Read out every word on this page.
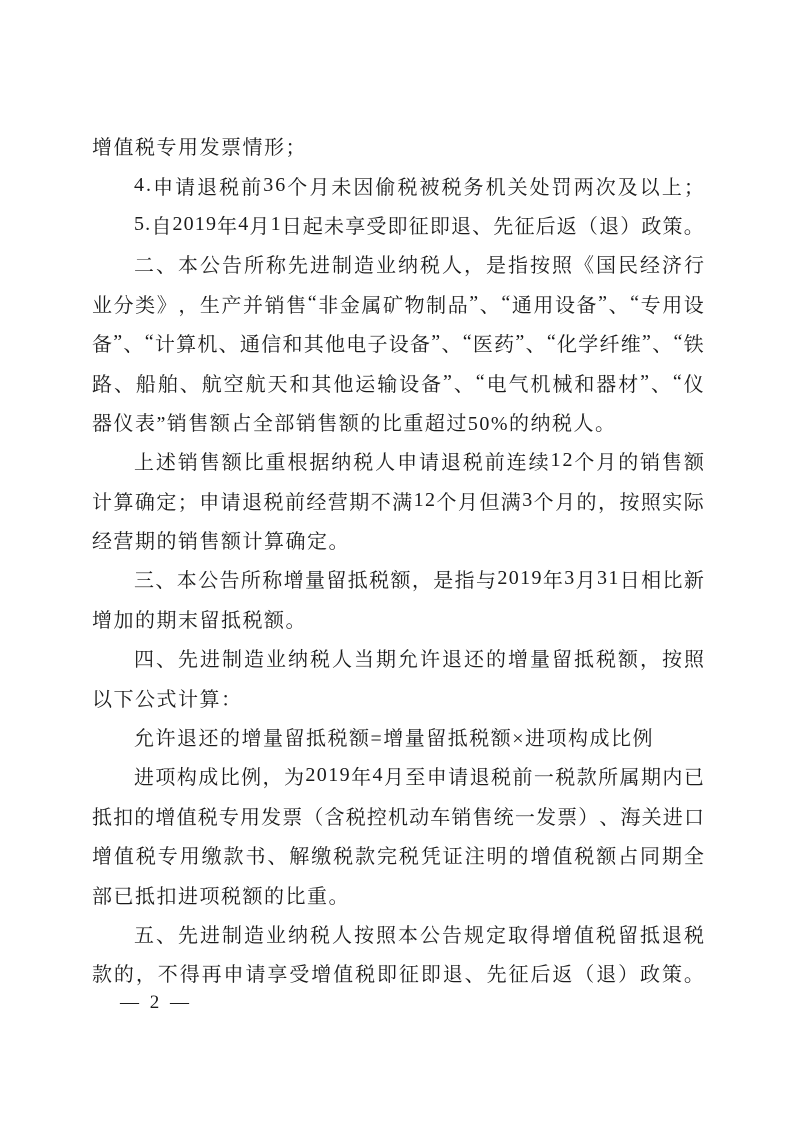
增值税专用发票情形；
4 . 申 请 退 税 前 3 6 个 月 未 因 偷 税 被 税 务 机 关 处 罚 两 次 及 以 上 ；
5 . 自 2 0 1 9 年 4 月 1 日 起 未 享 受 即 征 即 退 、 先 征 后 返 （ 退 ） 政 策 。
二 、 本 公 告 所 称 先 进 制 造 业 纳 税 人 ， 是 指 按 照 《 国 民 经 济 行
业 分 类 》 ， 生 产 并 销 售 “ 非 金 属 矿 物 制 品 ” 、 “ 通 用 设 备 ” 、 “ 专 用 设
备 ” 、 “ 计 算 机 、 通 信 和 其 他 电 子 设 备 ” 、 “ 医 药 ” 、 “ 化 学 纤 维 ” 、 “ 铁
路 、 船 舶 、 航 空 航 天 和 其 他 运 输 设 备 ” 、 “ 电 气 机 械 和 器 材 ” 、 “ 仪
器仪表”销售额占全部销售额的比重超过50%的纳税人。
上 述 销 售 额 比 重 根 据 纳 税 人 申 请 退 税 前 连 续 1 2 个 月 的 销 售 额
计 算 确 定 ； 申 请 退 税 前 经 营 期 不 满 1 2 个 月 但 满 3 个 月 的 ， 按 照 实 际
经营期的销售额计算确定。
三 、 本 公 告 所 称 增 量 留 抵 税 额 ， 是 指 与 2 0 1 9 年 3 月 3 1 日 相 比 新
增加的期末留抵税额。
四 、 先 进 制 造 业 纳 税 人 当 期 允 许 退 还 的 增 量 留 抵 税 额 ， 按 照
以下公式计算：
允许退还的增量留抵税额=增量留抵税额×进项构成比例
进 项 构 成 比 例 ， 为 2 0 1 9 年 4 月 至 申 请 退 税 前 一 税 款 所 属 期 内 已
抵 扣 的 增 值 税 专 用 发 票 （ 含 税 控 机 动 车 销 售 统 一 发 票 ） 、 海 关 进 口
增 值 税 专 用 缴 款 书 、 解 缴 税 款 完 税 凭 证 注 明 的 增 值 税 额 占 同 期 全
部已抵扣进项税额的比重。
五 、 先 进 制 造 业 纳 税 人 按 照 本 公 告 规 定 取 得 增 值 税 留 抵 退 税
款 的 ， 不 得 再 申 请 享 受 增 值 税 即 征 即 退 、 先 征 后 返 （ 退 ） 政 策 。
— 2 —
